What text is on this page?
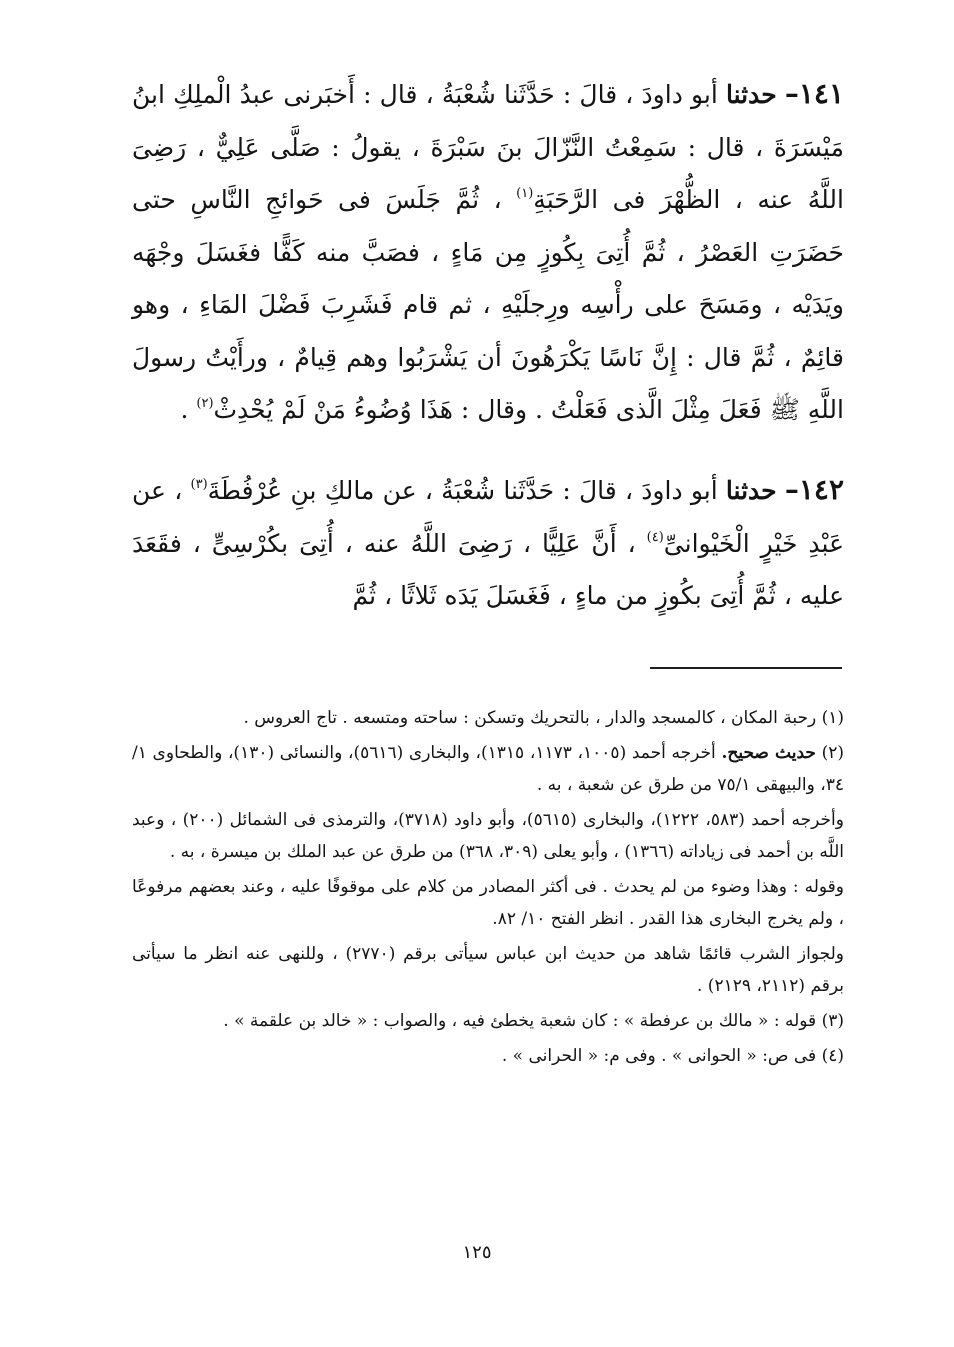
١٤١– حدثنا أبو داودَ ، قالَ : حَدَّثَنا شُعْبَةُ ، قال : أَخبَرنى عبدُ الْملِكِ ابنُ مَيْسَرَةَ ، قال : سَمِعْتُ النَّزّالَ بنَ سَبْرَةَ ، يقولُ : صَلَّى عَلِيٌّ ، رَضِىَ اللَّهُ عنه ، الظُّهْرَ فى الرَّحَبَةِ$^{(١)}$ ، ثُمَّ جَلَسَ فى حَوائجِ النَّاسِ حتى حَضَرَتِ العَصْرُ ، ثُمَّ أُتِىَ بِكُوزٍ مِن مَاءٍ ، فصَبَّ منه كَفًّا فغَسَلَ وجْهَه ويَدَيْه ، ومَسَحَ على رأْسِه ورِجلَيْهِ ، ثم قام فَشَرِبَ فَضْلَ المَاءِ ، وهو قائِمٌ ، ثُمَّ قال : إِنَّ نَاسًا يَكْرَهُونَ أن يَشْرَبُوا وهم قِيامٌ ، ورأَيْتُ رسولَ اللَّهِ ﷺ فَعَلَ مِثْلَ الَّذى فَعَلْتُ . وقال : هَذَا وُضُوءُ مَنْ لَمْ يُحْدِثْ$^{(٢)}$ .

١٤٢– حدثنا أبو داودَ ، قالَ : حَدَّثَنا شُعْبَةُ ، عن مالكِ بنِ عُرْفُطَةَ$^{(٣)}$ ، عن عَبْدِ خَيْرٍ الْخَيْوانىِّ$^{(٤)}$ ، أَنَّ عَلِيًّا ، رَضِىَ اللَّهُ عنه ، أُتِىَ بكُرْسِىٍّ ، فقَعَدَ عليه ، ثُمَّ أُتِىَ بكُوزٍ من ماءٍ ، فَغَسَلَ يَدَه ثَلاثًا ، ثُمَّ

(١) رحبة المكان ، كالمسجد والدار ، بالتحريك وتسكن : ساحته ومتسعه . تاج العروس .

(٢) حديث صحيح. أخرجه أحمد (١٠٠٥، ١١٧٣، ١٣١٥)، والبخارى (٥٦١٦)، والنسائى (١٣٠)، والطحاوى ١/ ٣٤، والبيهقى ٧٥/١ من طرق عن شعبة ، به .

وأخرجه أحمد (٥٨٣، ١٢٢٢)، والبخارى (٥٦١٥)، وأبو داود (٣٧١٨)، والترمذى فى الشمائل (٢٠٠) ، وعبد اللَّه بن أحمد فى زياداته (١٣٦٦) ، وأبو يعلى (٣٠٩، ٣٦٨) من طرق عن عبد الملك بن ميسرة ، به .

وقوله : وهذا وضوء من لم يحدث . فى أكثر المصادر من كلام على موقوفًا عليه ، وعند بعضهم مرفوعًا ، ولم يخرج البخارى هذا القدر . انظر الفتح ١٠/ ٨٢.

ولجواز الشرب قائمًا شاهد من حديث ابن عباس سيأتى برقم (٢٧٧٠) ، وللنهى عنه انظر ما سيأتى برقم (٢١١٢، ٢١٢٩) .

(٣) قوله : « مالك بن عرفطة » : كان شعبة يخطئ فيه ، والصواب : « خالد بن علقمة » .

(٤) فى ص: « الحوانى » . وفى م: « الحرانى » .

١٢٥
